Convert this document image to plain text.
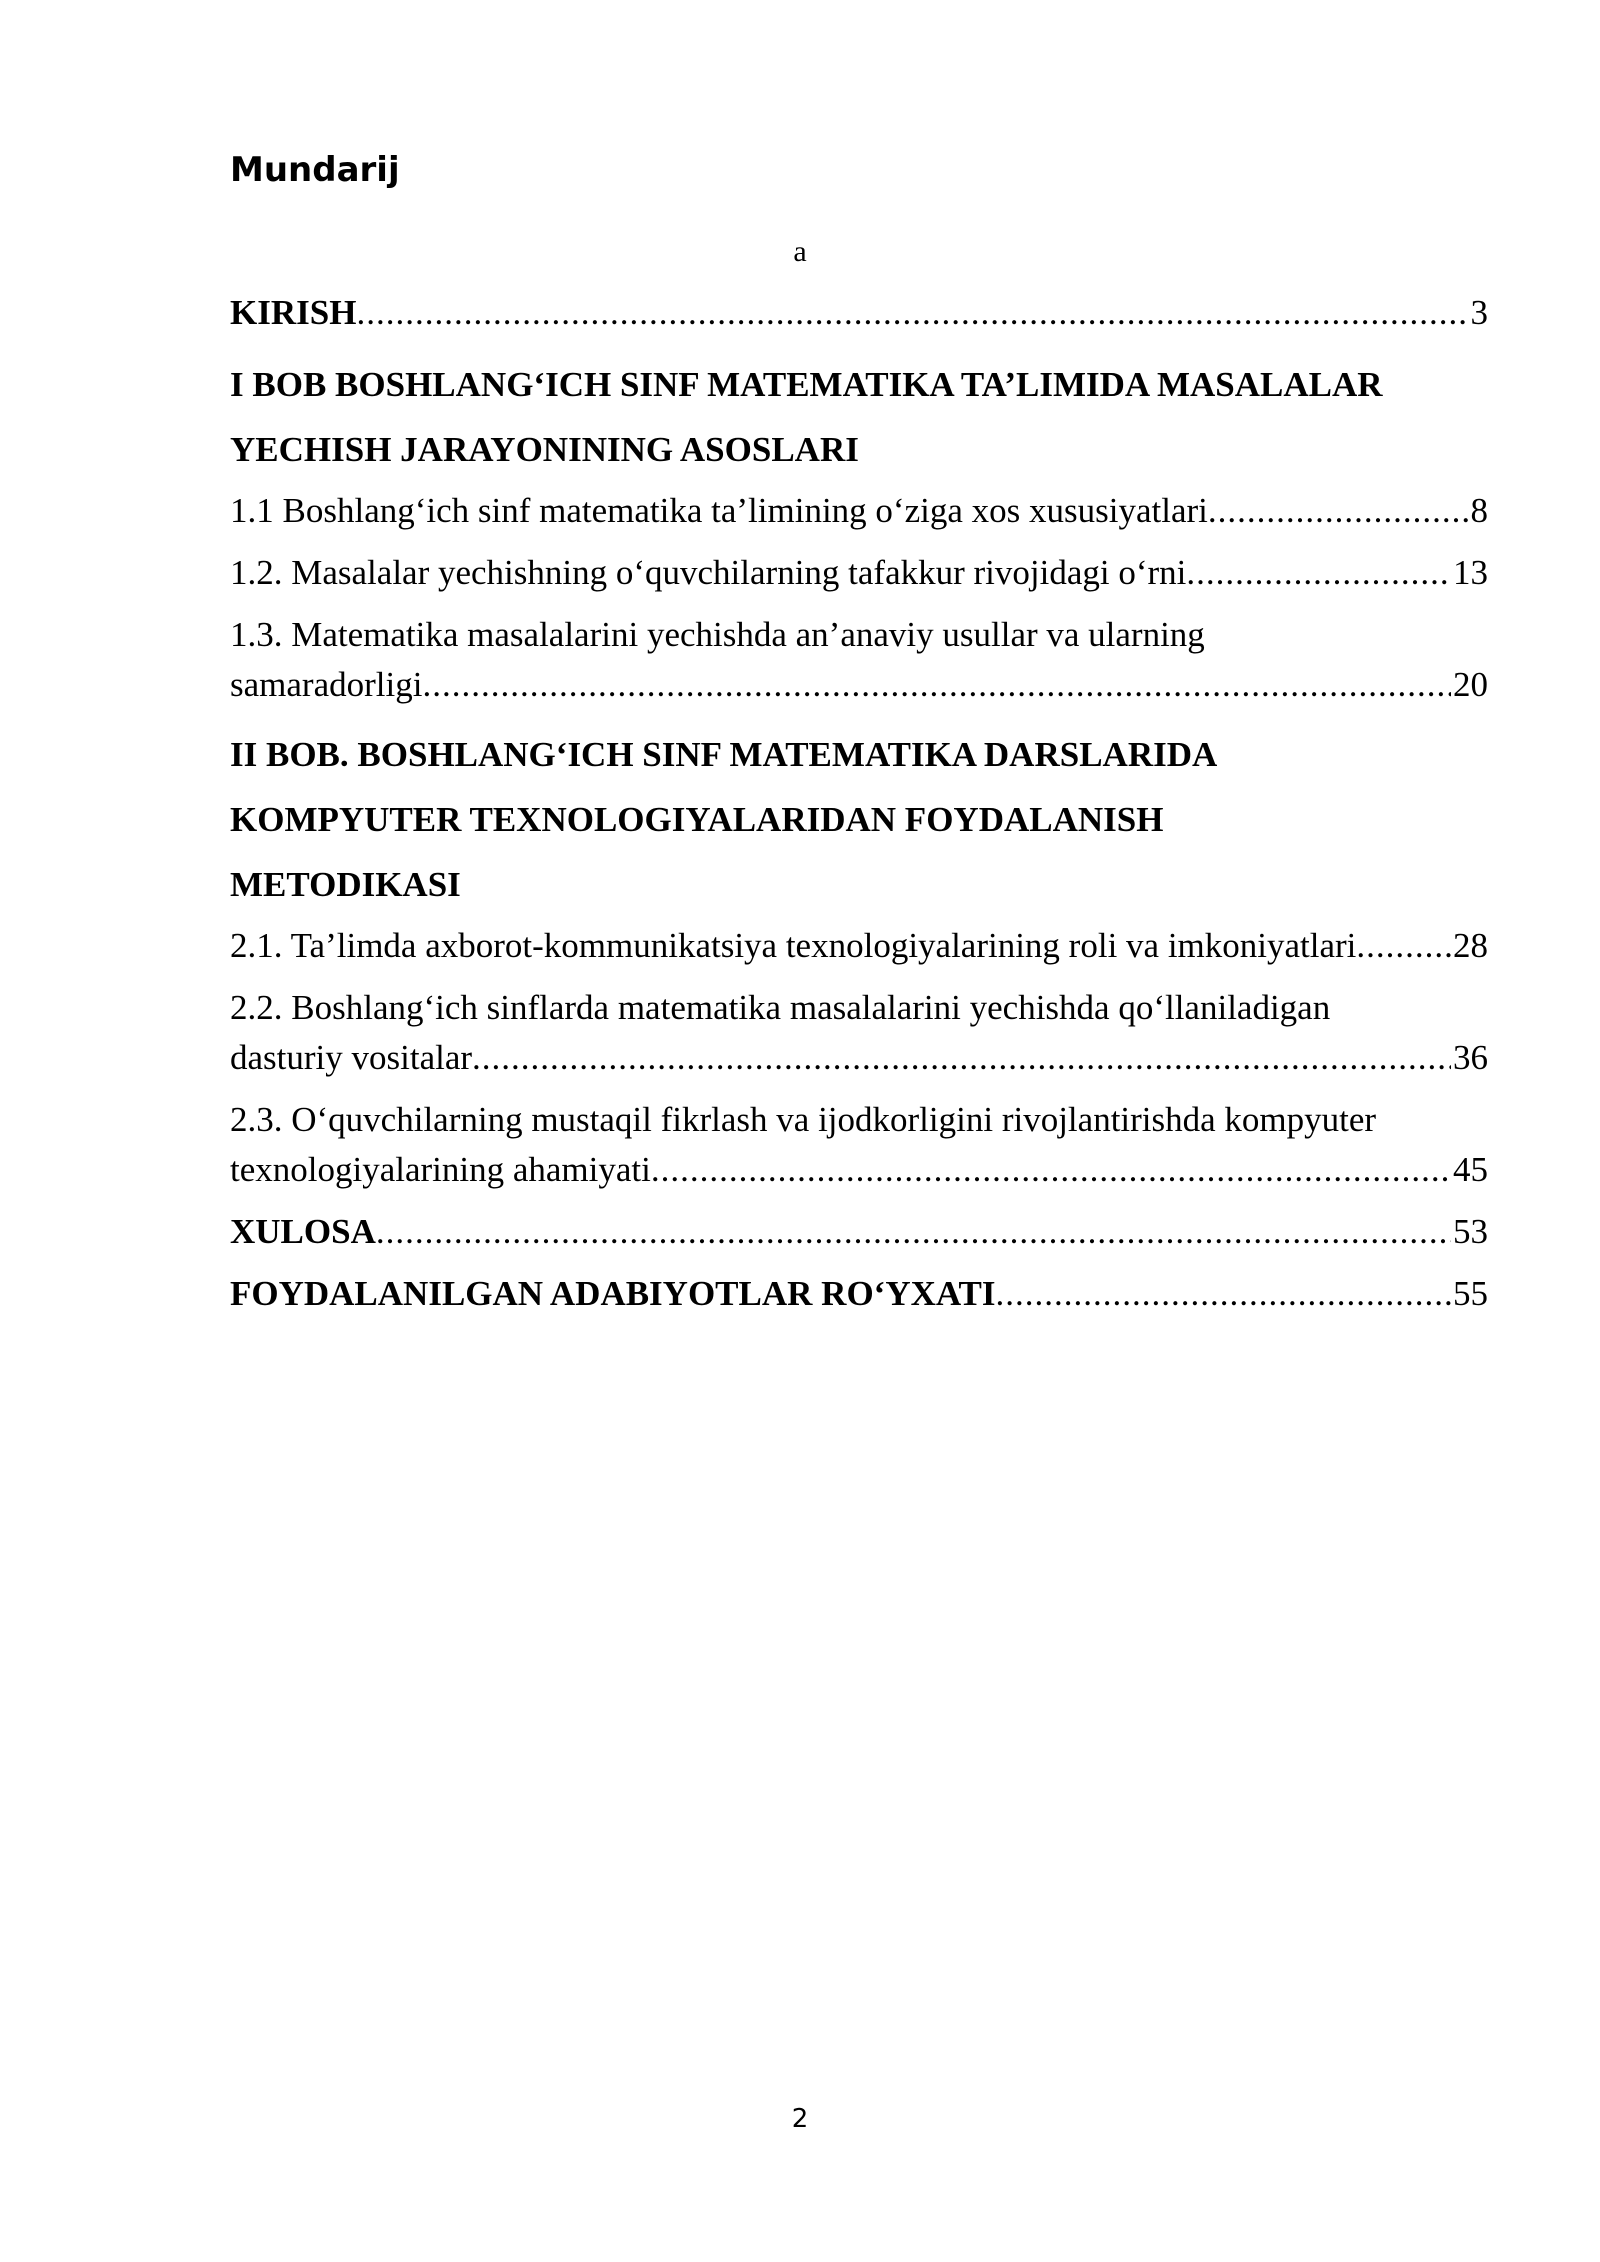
Mundarij
a
KIRISH .....	3
I BOB BOSHLANG‘ICH SINF MATEMATIKA TA’LIMIDA MASALALAR
YECHISH JARAYONINING ASOSLARI
1.1 Boshlang‘ich sinf matematika ta’limining o‘ziga xos xususiyatlari .....	8
1.2. Masalalar yechishning o‘quvchilarning tafakkur rivojidagi o‘rni .....	13
1.3. Matematika masalalarini yechishda an’anaviy usullar va ularning
samaradorligi .....	20
II BOB. BOSHLANG‘ICH SINF MATEMATIKA DARSLARIDA
KOMPYUTER TEXNOLOGIYALARIDAN FOYDALANISH
METODIKASI
2.1. Ta’limda axborot-kommunikatsiya texnologiyalarining roli va imkoniyatlari .....	28
2.2. Boshlang‘ich sinflarda matematika masalalarini yechishda qo‘llaniladigan
dasturiy vositalar .....	36
2.3. O‘quvchilarning mustaqil fikrlash va ijodkorligini rivojlantirishda kompyuter
texnologiyalarining ahamiyati .....	45
XULOSA .....	53
FOYDALANILGAN ADABIYOTLAR RO‘YXATI .....	55
2
